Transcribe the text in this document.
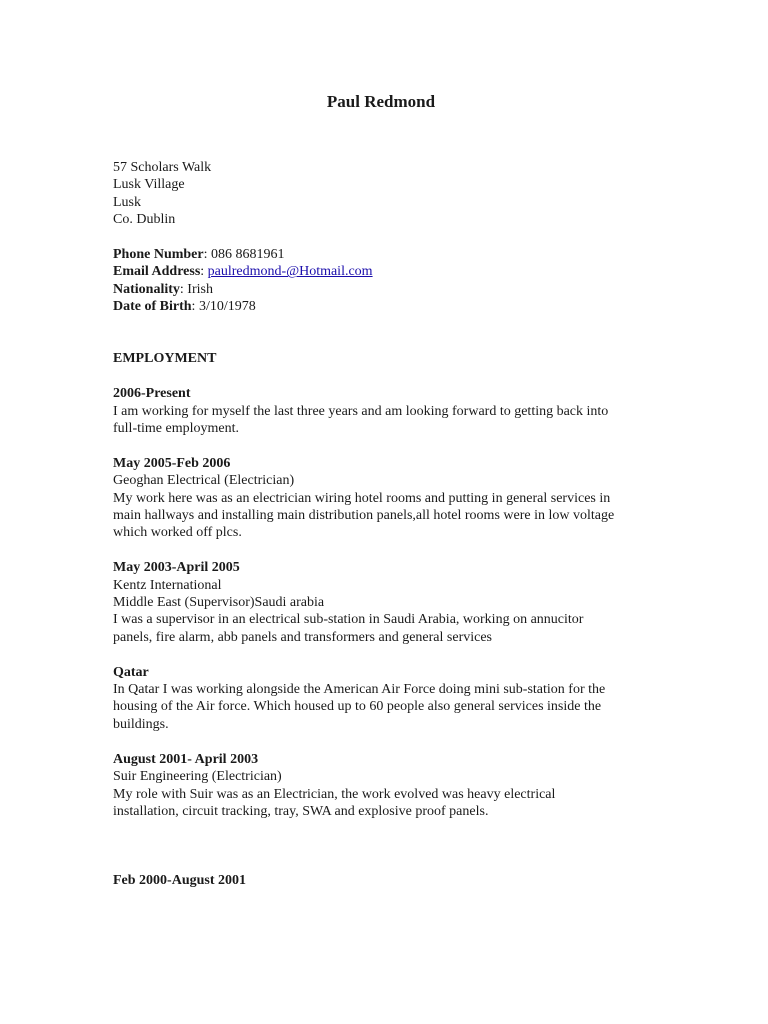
Paul Redmond
57 Scholars Walk
Lusk Village
Lusk
Co. Dublin
Phone Number: 086 8681961
Email Address: paulredmond-@Hotmail.com
Nationality: Irish
Date of Birth: 3/10/1978
EMPLOYMENT
2006-Present
I am working for myself the last three years and am looking forward to getting back into
full-time employment.
May 2005-Feb 2006
Geoghan Electrical (Electrician)
My work here was as an electrician wiring hotel rooms and putting in general services in
main hallways and installing main distribution panels,all hotel rooms were in low voltage
which worked off plcs.
May 2003-April 2005
Kentz International
Middle East (Supervisor)Saudi arabia
I was a supervisor in an electrical sub-station in Saudi Arabia, working on annucitor
panels, fire alarm, abb panels and transformers and general services
Qatar
In Qatar I was working alongside the American Air Force doing mini sub-station for the
housing of the Air force. Which housed up to 60 people also general services inside the
buildings.
August 2001- April 2003
Suir Engineering (Electrician)
My role with Suir was as an Electrician, the work evolved was heavy electrical
installation, circuit tracking, tray, SWA and explosive proof panels.
Feb 2000-August 2001
